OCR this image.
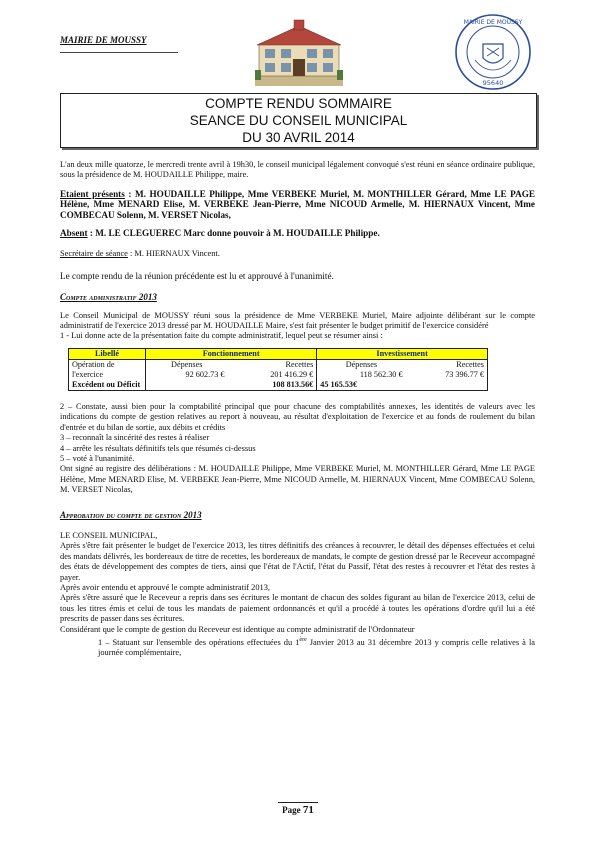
MAIRIE DE MOUSSY
MAIRIE DE MOUSSY
95640
COMPTE RENDU SOMMAIRE
SEANCE DU CONSEIL MUNICIPAL
DU 30 AVRIL 2014

L'an deux mille quatorze, le mercredi trente avril à 19h30, le conseil municipal légalement convoqué s'est réuni en séance ordinaire publique, sous la présidence de M. HOUDAILLE Philippe, maire.

Etaient présents : M. HOUDAILLE Philippe, Mme VERBEKE Muriel, M. MONTHILLER Gérard, Mme LE PAGE Hélène, Mme MENARD Elise, M. VERBEKE Jean-Pierre, Mme NICOUD Armelle, M. HIERNAUX Vincent, Mme COMBECAU Solenn, M. VERSET Nicolas,

Absent : M. LE CLEGUEREC Marc donne pouvoir à M. HOUDAILLE Philippe.

Secrétaire de séance : M. HIERNAUX Vincent.

Le compte rendu de la réunion précédente est lu et approuvé à l'unanimité.

Compte administratif 2013

Le Conseil Municipal de MOUSSY réuni sous la présidence de Mme VERBEKE Muriel, Maire adjointe délibérant sur le compte administratif de l'exercice 2013 dressé par M. HOUDAILLE Maire, s'est fait présenter le budget primitif de l'exercice considéré

1 - Lui donne acte de la présentation faite du compte administratif, lequel peut se résumer ainsi :

Libellé	Fonctionnement		Investissement	
Opération de	Dépenses	Recettes	Dépenses	Recettes
l'exercice	92 602.73 €	201 416.29 €	118 562.30 €	73 396.77 €
Excédent ou Déficit		108 813.56€	45 165.53€	

2 – Constate, aussi bien pour la comptabilité principal que pour chacune des comptabilités annexes, les identités de valeurs avec les indications du compte de gestion relatives au report à nouveau, au résultat d'exploitation de l'exercice et au fonds de roulement du bilan d'entrée et du bilan de sortie, aux débits et crédits

3 – reconnaît la sincérité des restes à réaliser

4 – arrête les résultats définitifs tels que résumés ci-dessus

5 – voté à l'unanimité.

Ont signé au registre des délibérations : M. HOUDAILLE Philippe, Mme VERBEKE Muriel, M. MONTHILLER Gérard, Mme LE PAGE Hélène, Mme MENARD Elise, M. VERBEKE Jean-Pierre, Mme NICOUD Armelle, M. HIERNAUX Vincent, Mme COMBECAU Solenn, M. VERSET Nicolas,

Approbation du compte de gestion 2013

LE CONSEIL MUNICIPAL,

Après s'être fait présenter le budget de l'exercice 2013, les titres définitifs des créances à recouvrer, le détail des dépenses effectuées et celui des mandats délivrés, les bordereaux de titre de recettes, les bordereaux de mandats, le compte de gestion dressé par le Receveur accompagné des états de développement des comptes de tiers, ainsi que l'état de l'Actif, l'état du Passif, l'état des restes à recouvrer et l'état des restes à payer.

Après avoir entendu et approuvé le compte administratif 2013,

Après s'être assuré que le Receveur a repris dans ses écritures le montant de chacun des soldes figurant au bilan de l'exercice 2013, celui de tous les titres émis et celui de tous les mandats de paiement ordonnancés et qu'il a procédé à toutes les opérations d'ordre qu'il lui a été prescrits de passer dans ses écritures.

Considérant que le compte de gestion du Receveur est identique au compte administratif de l'Ordonnateur

1 – Statuant sur l'ensemble des opérations effectuées du 1ère Janvier 2013 au 31 décembre 2013 y compris celle relatives à la journée complémentaire,

Page 71
